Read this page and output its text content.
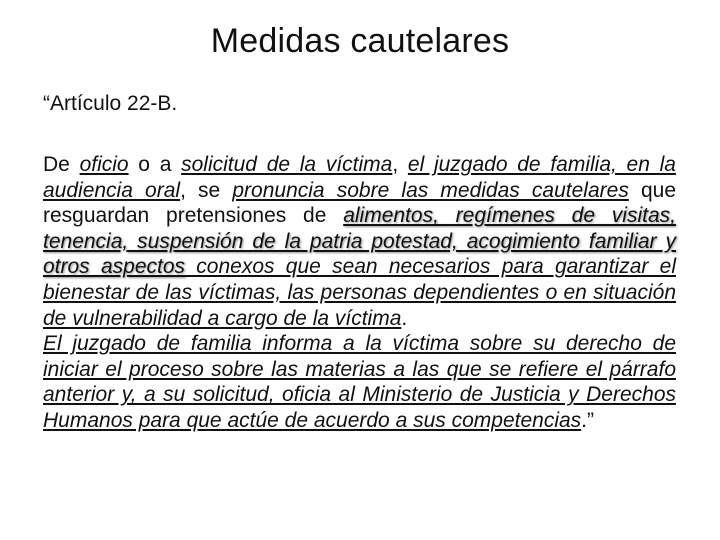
Medidas cautelares
“Artículo 22-B.

De oficio o a solicitud de la víctima, el juzgado de familia, en la audiencia oral, se pronuncia sobre las medidas cautelares que resguardan pretensiones de alimentos, regímenes de visitas, tenencia, suspensión de la patria potestad, acogimiento familiar y otros aspectos conexos que sean necesarios para garantizar el bienestar de las víctimas, las personas dependientes o en situación de vulnerabilidad a cargo de la víctima.

El juzgado de familia informa a la víctima sobre su derecho de iniciar el proceso sobre las materias a las que se refiere el párrafo anterior y, a su solicitud, oficia al Ministerio de Justicia y Derechos Humanos para que actúe de acuerdo a sus competencias.”
